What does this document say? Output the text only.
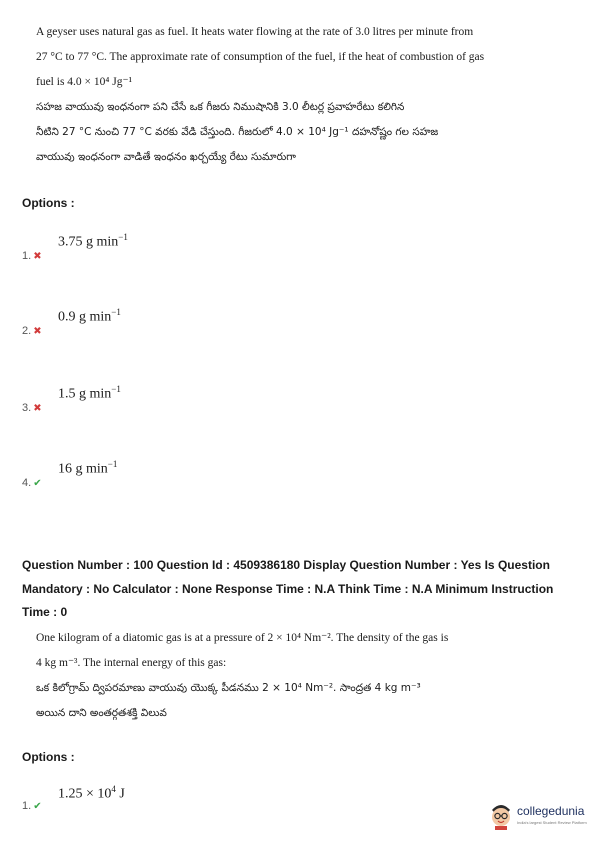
A geyser uses natural gas as fuel. It heats water flowing at the rate of 3.0 litres per minute from

27 °C to 77 °C. The approximate rate of consumption of the fuel, if the heat of combustion of gas

fuel is 4.0 × 10⁴ Jg⁻¹

సహజ వాయువు ఇంధనంగా పని చేసే ఒక గీజరు నిముషానికి 3.0 లీటర్ల ప్రవాహరేటు కలిగిన

నీటిని 27 °C నుంచి 77 °C వరకు వేడి చేస్తుంది. గీజరులో 4.0 × 10⁴ Jg⁻¹ దహనోష్ణం గల సహజ

వాయువు ఇంధనంగా వాడితే ఇంధనం ఖర్చయ్యే రేటు సుమారుగా

Options :
3.75 g $\min^{-1}$
1. ✖
0.9 g $\min^{-1}$
2. ✖
1.5 g $\min^{-1}$
3. ✖
16 g $\min^{-1}$
4. ✔

Question Number : 100 Question Id : 4509386180 Display Question Number : Yes Is Question

Mandatory : No Calculator : None Response Time : N.A Think Time : N.A Minimum Instruction

Time : 0

One kilogram of a diatomic gas is at a pressure of 2 × 10⁴ Nm⁻². The density of the gas is

4 kg m⁻³. The internal energy of this gas:

ఒక కిలోగ్రామ్ ద్విపరమాణు వాయువు యొక్క పీడనము 2 × 10⁴ Nm⁻². సాంద్రత 4 kg m⁻³

అయిన దాని అంతర్గతశక్తి విలువ

Options :
$1.25 \times 10^4$ J
1. ✔	collegedunia
India's largest Student Review Platform
